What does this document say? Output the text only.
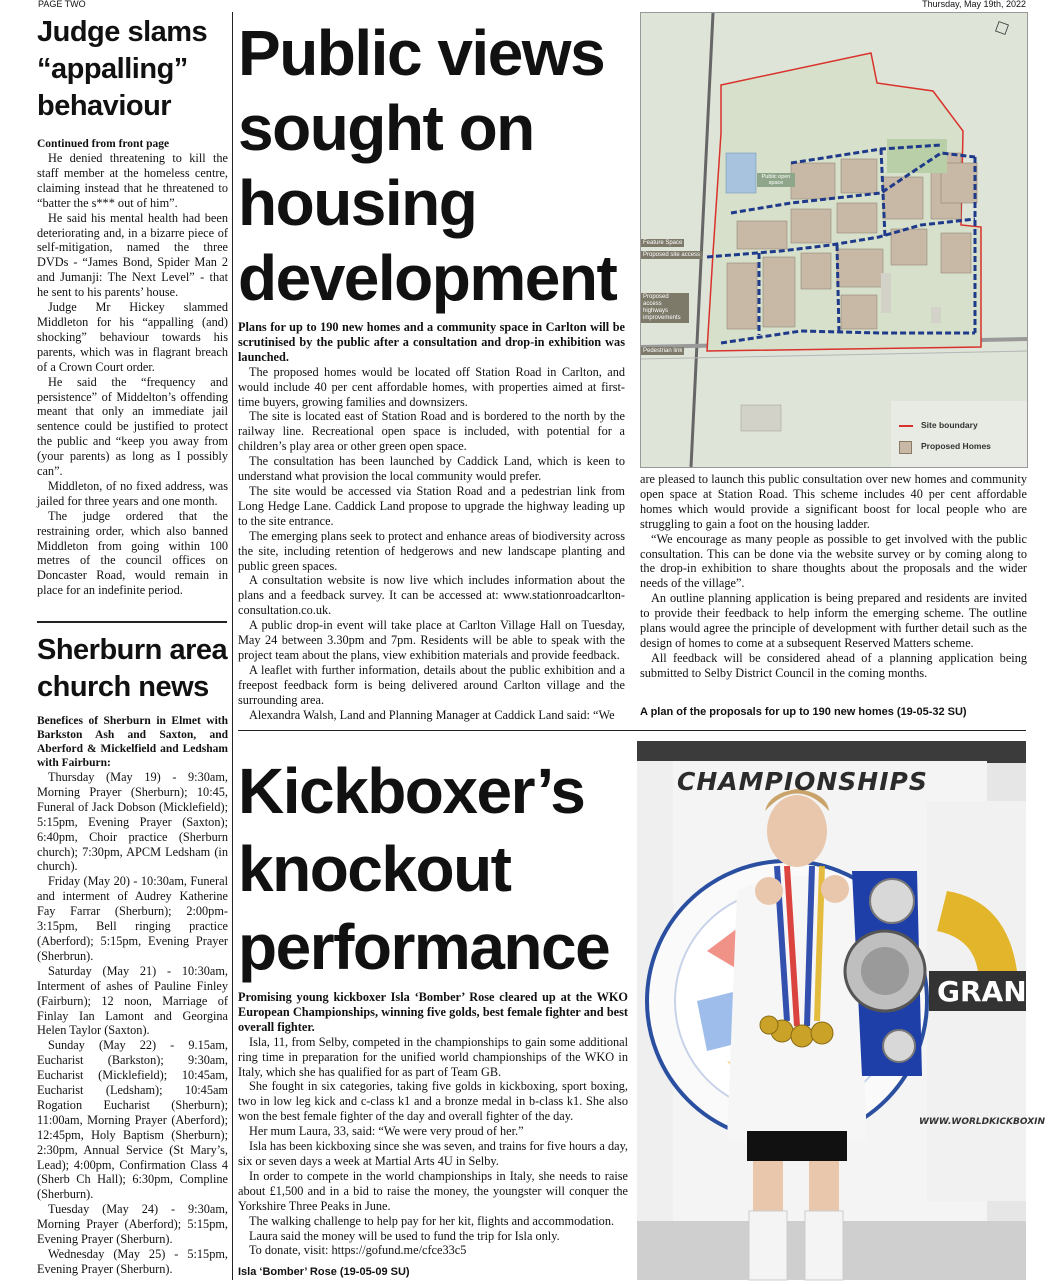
PAGE TWO	Thursday, May 19th, 2022
Judge slams
“appalling”
behaviour

Continued from front page

He denied threatening to kill the staff member at the homeless centre, claiming instead that he threatened to “batter the s*** out of him”.

He said his mental health had been deteriorating and, in a bizarre piece of self-mitigation, named the three DVDs - “James Bond, Spider Man 2 and Jumanji: The Next Level” - that he sent to his parents’ house.

Judge Mr Hickey slammed Middleton for his “appalling (and) shocking” behaviour towards his parents, which was in flagrant breach of a Crown Court order.

He said the “frequency and persistence” of Middelton’s offending meant that only an immediate jail sentence could be justified to protect the public and “keep you away from (your parents) as long as I possibly can”.

Middleton, of no fixed address, was jailed for three years and one month.

The judge ordered that the restraining order, which also banned Middleton from going within 100 metres of the council offices on Doncaster Road, would remain in place for an indefinite period.

Sherburn area
church news

Benefices of Sherburn in Elmet with Barkston Ash and Saxton, and Aberford & Mickelfield and Ledsham with Fairburn:

Thursday (May 19) - 9:30am, Morning Prayer (Sherburn); 10:45, Funeral of Jack Dobson (Micklefield); 5:15pm, Evening Prayer (Saxton); 6:40pm, Choir practice (Sherburn church); 7:30pm, APCM Ledsham (in church).

Friday (May 20) - 10:30am, Funeral and interment of Audrey Katherine Fay Farrar (Sherburn); 2:00pm-3:15pm, Bell ringing practice (Aberford); 5:15pm, Evening Prayer (Sherbrun).

Saturday (May 21) - 10:30am, Interment of ashes of Pauline Finley (Fairburn); 12 noon, Marriage of Finlay Ian Lamont and Georgina Helen Taylor (Saxton).

Sunday (May 22) - 9.15am, Eucharist (Barkston); 9:30am, Eucharist (Micklefield); 10:45am, Eucharist (Ledsham); 10:45am Rogation Eucharist (Sherburn); 11:00am, Morning Prayer (Aberford); 12:45pm, Holy Baptism (Sherburn); 2:30pm, Annual Service (St Mary’s, Lead); 4:00pm, Confirmation Class 4 (Sherb Ch Hall); 6:30pm, Compline (Sherburn).

Tuesday (May 24) - 9:30am, Morning Prayer (Aberford); 5:15pm, Evening Prayer (Sherburn).

Wednesday (May 25) - 5:15pm, Evening Prayer (Sherburn).

Public views
sought on
housing
development

Plans for up to 190 new homes and a community space in Carlton will be scrutinised by the public after a consultation and drop-in exhibition was launched.

The proposed homes would be located off Station Road in Carlton, and would include 40 per cent affordable homes, with properties aimed at first-time buyers, growing families and downsizers.

The site is located east of Station Road and is bordered to the north by the railway line. Recreational open space is included, with potential for a children’s play area or other green open space.

The consultation has been launched by Caddick Land, which is keen to understand what provision the local community would prefer.

The site would be accessed via Station Road and a pedestrian link from Long Hedge Lane. Caddick Land propose to upgrade the highway leading up to the site entrance.

The emerging plans seek to protect and enhance areas of biodiversity across the site, including retention of hedgerows and new landscape planting and public green spaces.

A consultation website is now live which includes information about the plans and a feedback survey. It can be accessed at: www.stationroadcarlton-consultation.co.uk.

A public drop-in event will take place at Carlton Village Hall on Tuesday, May 24 between 3.30pm and 7pm. Residents will be able to speak with the project team about the plans, view exhibition materials and provide feedback.

A leaflet with further information, details about the public exhibition and a freepost feedback form is being delivered around Carlton village and the surrounding area.

Alexandra Walsh, Land and Planning Manager at Caddick Land said: “We

Feature Space
Proposed site access
Proposed access highways improvements
Pedestrian link
Public open space
Site boundary
Proposed Homes

are pleased to launch this public consultation over new homes and community open space at Station Road. This scheme includes 40 per cent affordable homes which would provide a significant boost for local people who are struggling to gain a foot on the housing ladder.

“We encourage as many people as possible to get involved with the public consultation. This can be done via the website survey or by coming along to the drop-in exhibition to share thoughts about the proposals and the wider needs of the village”.

An outline planning application is being prepared and residents are invited to provide their feedback to help inform the emerging scheme. The outline plans would agree the principle of development with further detail such as the design of homes to come at a subsequent Reserved Matters scheme.

All feedback will be considered ahead of a planning application being submitted to Selby District Council in the coming months.

A plan of the proposals for up to 190 new homes (19-05-32 SU)
Kickboxer’s
knockout
performance

Promising young kickboxer Isla ‘Bomber’ Rose cleared up at the WKO European Championships, winning five golds, best female fighter and best overall fighter.

Isla, 11, from Selby, competed in the championships to gain some additional ring time in preparation for the unified world championships of the WKO in Italy, which she has qualified for as part of Team GB.

She fought in six categories, taking five golds in kickboxing, sport boxing, two in low leg kick and c-class k1 and a bronze medal in b-class k1. She also won the best female fighter of the day and overall fighter of the day.

Her mum Laura, 33, said: “We were very proud of her.”

Isla has been kickboxing since she was seven, and trains for five hours a day, six or seven days a week at Martial Arts 4U in Selby.

In order to compete in the world championships in Italy, she needs to raise about £1,500 and in a bid to raise the money, the youngster will conquer the Yorkshire Three Peaks in June.

The walking challenge to help pay for her kit, flights and accommodation.

Laura said the money will be used to fund the trip for Isla only.

To donate, visit: https://gofund.me/cfce33c5

Isla ‘Bomber’ Rose (19-05-09 SU)
CHAMPIONSHIPS
GRAN
WWW.WORLDKICKBOXIN
